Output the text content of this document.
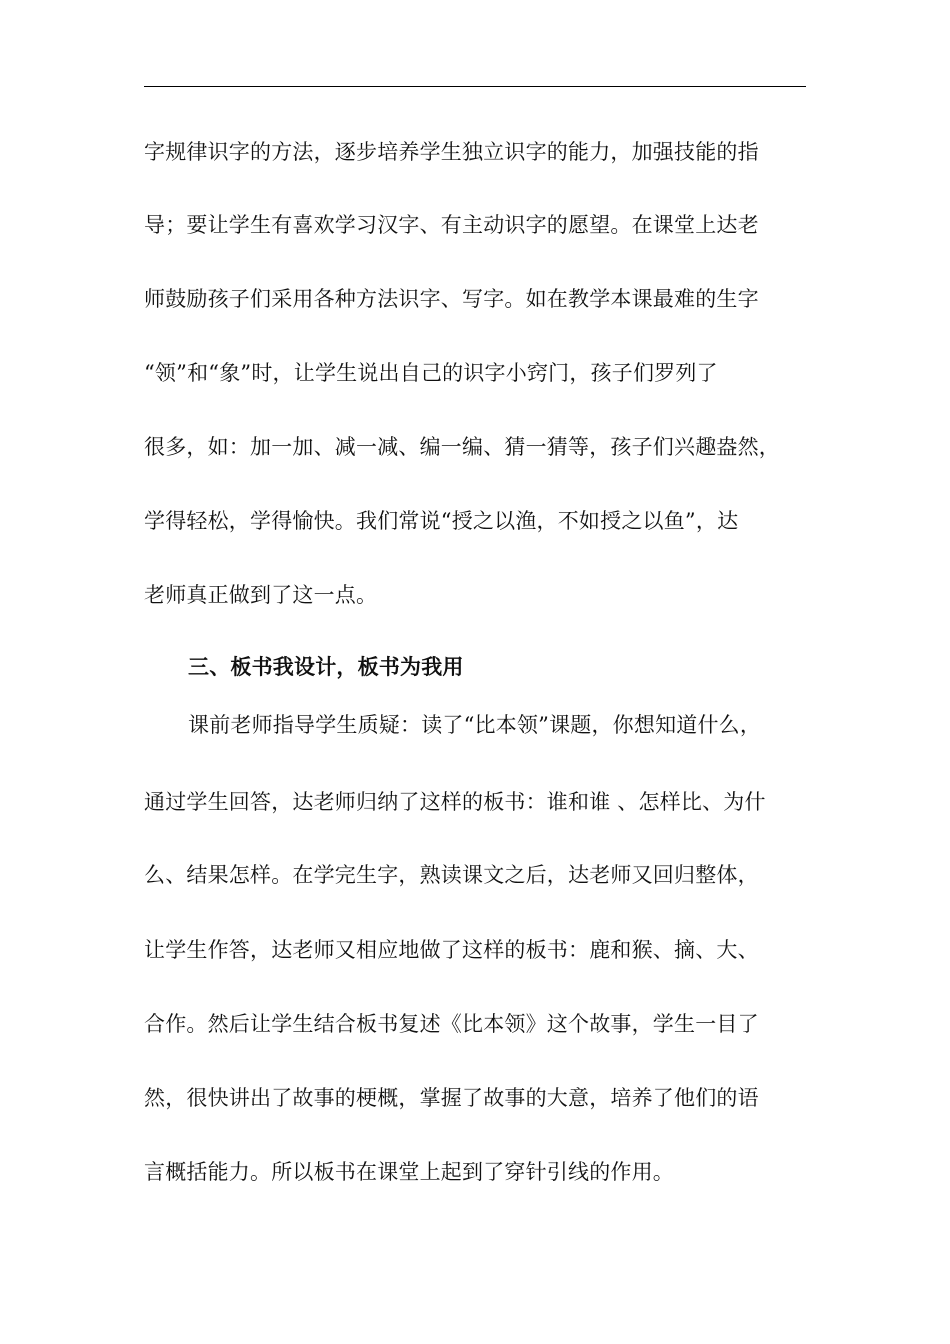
字规律识字的方法，逐步培养学生独立识字的能力，加强技能的指
导；要让学生有喜欢学习汉字、有主动识字的愿望。在课堂上达老
师鼓励孩子们采用各种方法识字、写字。如在教学本课最难的生字
“领”和“象”时，让学生说出自己的识字小窍门，孩子们罗列了
很多，如：加一加、减一减、编一编、猜一猜等，孩子们兴趣盎然，
学得轻松，学得愉快。我们常说“授之以渔，不如授之以鱼”，达
老师真正做到了这一点。
三、板书我设计，板书为我用
课前老师指导学生质疑：读了“比本领”课题，你想知道什么，
通过学生回答，达老师归纳了这样的板书：谁和谁 、怎样比、为什
么、结果怎样。在学完生字，熟读课文之后，达老师又回归整体，
让学生作答，达老师又相应地做了这样的板书：鹿和猴、摘、大、
合作。然后让学生结合板书复述《比本领》这个故事，学生一目了
然，很快讲出了故事的梗概，掌握了故事的大意，培养了他们的语
言概括能力。所以板书在课堂上起到了穿针引线的作用。
